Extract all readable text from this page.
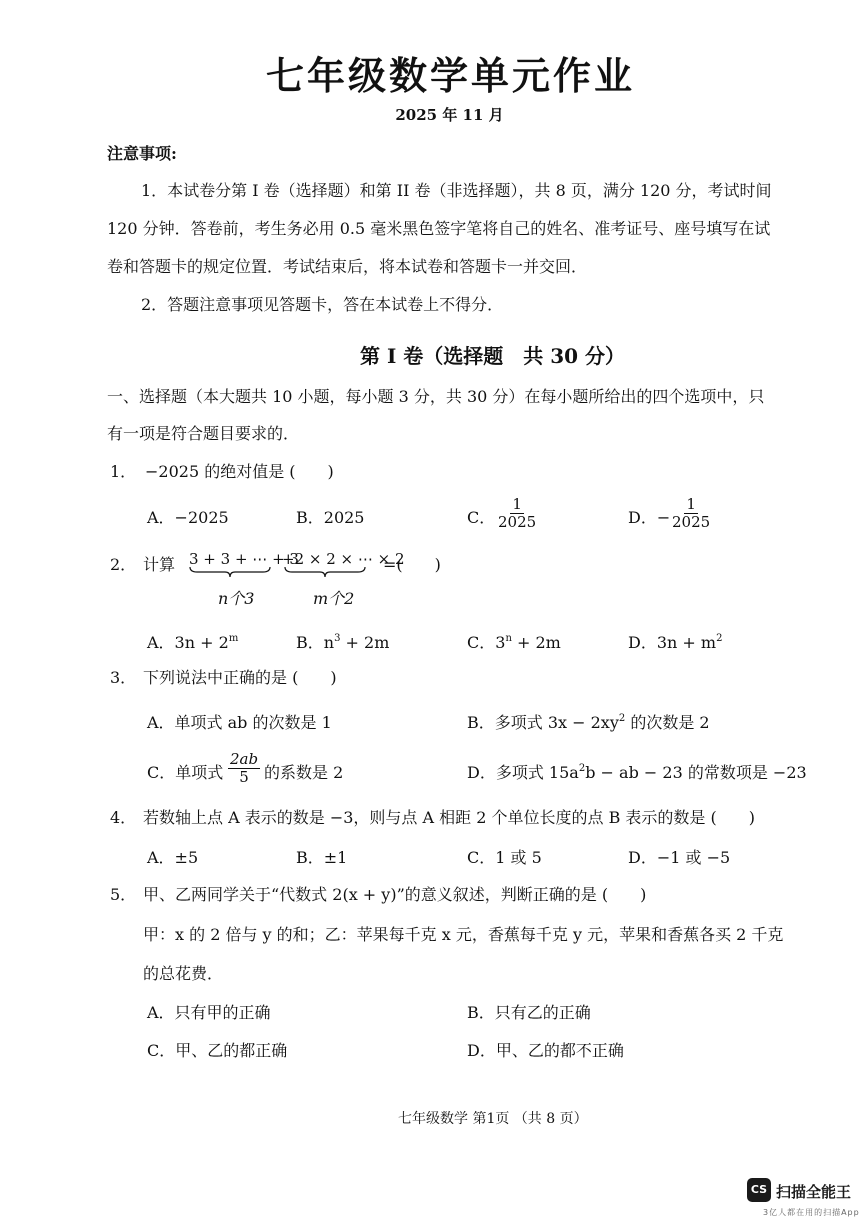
七年级数学单元作业
2025 年 11 月
注意事项:
1．本试卷分第 I 卷（选择题）和第 II 卷（非选择题），共 8 页，满分 120 分，考试时间
120 分钟．答卷前，考生务必用 0.5 毫米黑色签字笔将自己的姓名、准考证号、座号填写在试
卷和答题卡的规定位置．考试结束后，将本试卷和答题卡一并交回．
2．答题注意事项见答题卡，答在本试卷上不得分．
第 I 卷（选择题　共 30 分）
一、选择题（本大题共 10 小题，每小题 3 分，共 30 分）在每小题所给出的四个选项中，只
有一项是符合题目要求的．
1． −2025 的绝对值是 (　　)
A．−2025	B．2025	C． $\frac{1}{2025}$	D．− $\frac{1}{2025}$
2． 计算 3 + 3 + ⋯ + 3
+2 × 2 × ⋯ × 2
=(　　)
n个3	m个2
A．$3n + 2^m$	B．$n^3 + 2m$	C．$3^n + 2m$	D．$3n + m^2$
3． 下列说法中正确的是 (　　)
A．单项式 ab 的次数是 1	B．多项式 $3x - 2xy^2$ 的次数是 2
C．单项式 $\frac{2ab}{5}$ 的系数是 2	D．多项式 $15a^2b$ − ab − 23 的常数项是 −23
4． 若数轴上点 A 表示的数是 −3，则与点 A 相距 2 个单位长度的点 B 表示的数是 (　　)
A．±5	B．±1	C．1 或 5	D．−1 或 −5
5． 甲、乙两同学关于“代数式 2(x + y)”的意义叙述，判断正确的是 (　　)
甲：x 的 2 倍与 y 的和；乙：苹果每千克 x 元，香蕉每千克 y 元，苹果和香蕉各买 2 千克
的总花费．
A．只有甲的正确	B．只有乙的正确
C．甲、乙的都正确	D．甲、乙的都不正确
七年级数学 第1页 （共 8 页）
CS 扫描全能王
3亿人都在用的扫描App
